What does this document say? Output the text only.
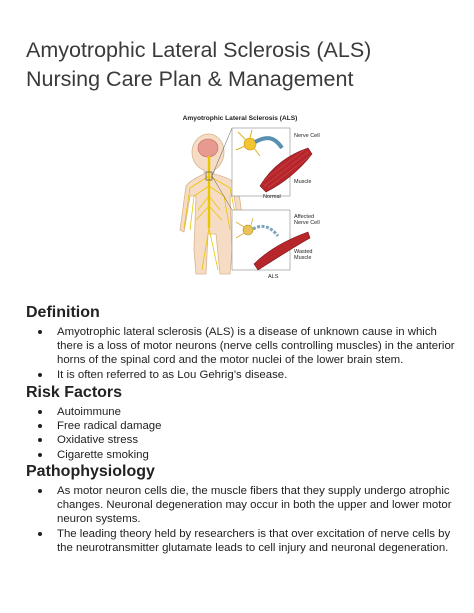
Amyotrophic Lateral Sclerosis (ALS)
Nursing Care Plan & Management
Amyotrophic Lateral Sclerosis (ALS)
Nerve Cell
Muscle
Normal
Affected
Nerve Cell
Wasted
Muscle
ALS
Definition
Amyotrophic lateral sclerosis (ALS) is a disease of unknown cause in which there is a loss of motor neurons (nerve cells controlling muscles) in the anterior horns of the spinal cord and the motor nuclei of the lower brain stem.
It is often referred to as Lou Gehrig’s disease.
Risk Factors
Autoimmune
Free radical damage
Oxidative stress
Cigarette smoking
Pathophysiology
As motor neuron cells die, the muscle fibers that they supply undergo atrophic changes. Neuronal degeneration may occur in both the upper and lower motor neuron systems.
The leading theory held by researchers is that over excitation of nerve cells by the neurotransmitter glutamate leads to cell injury and neuronal degeneration.
